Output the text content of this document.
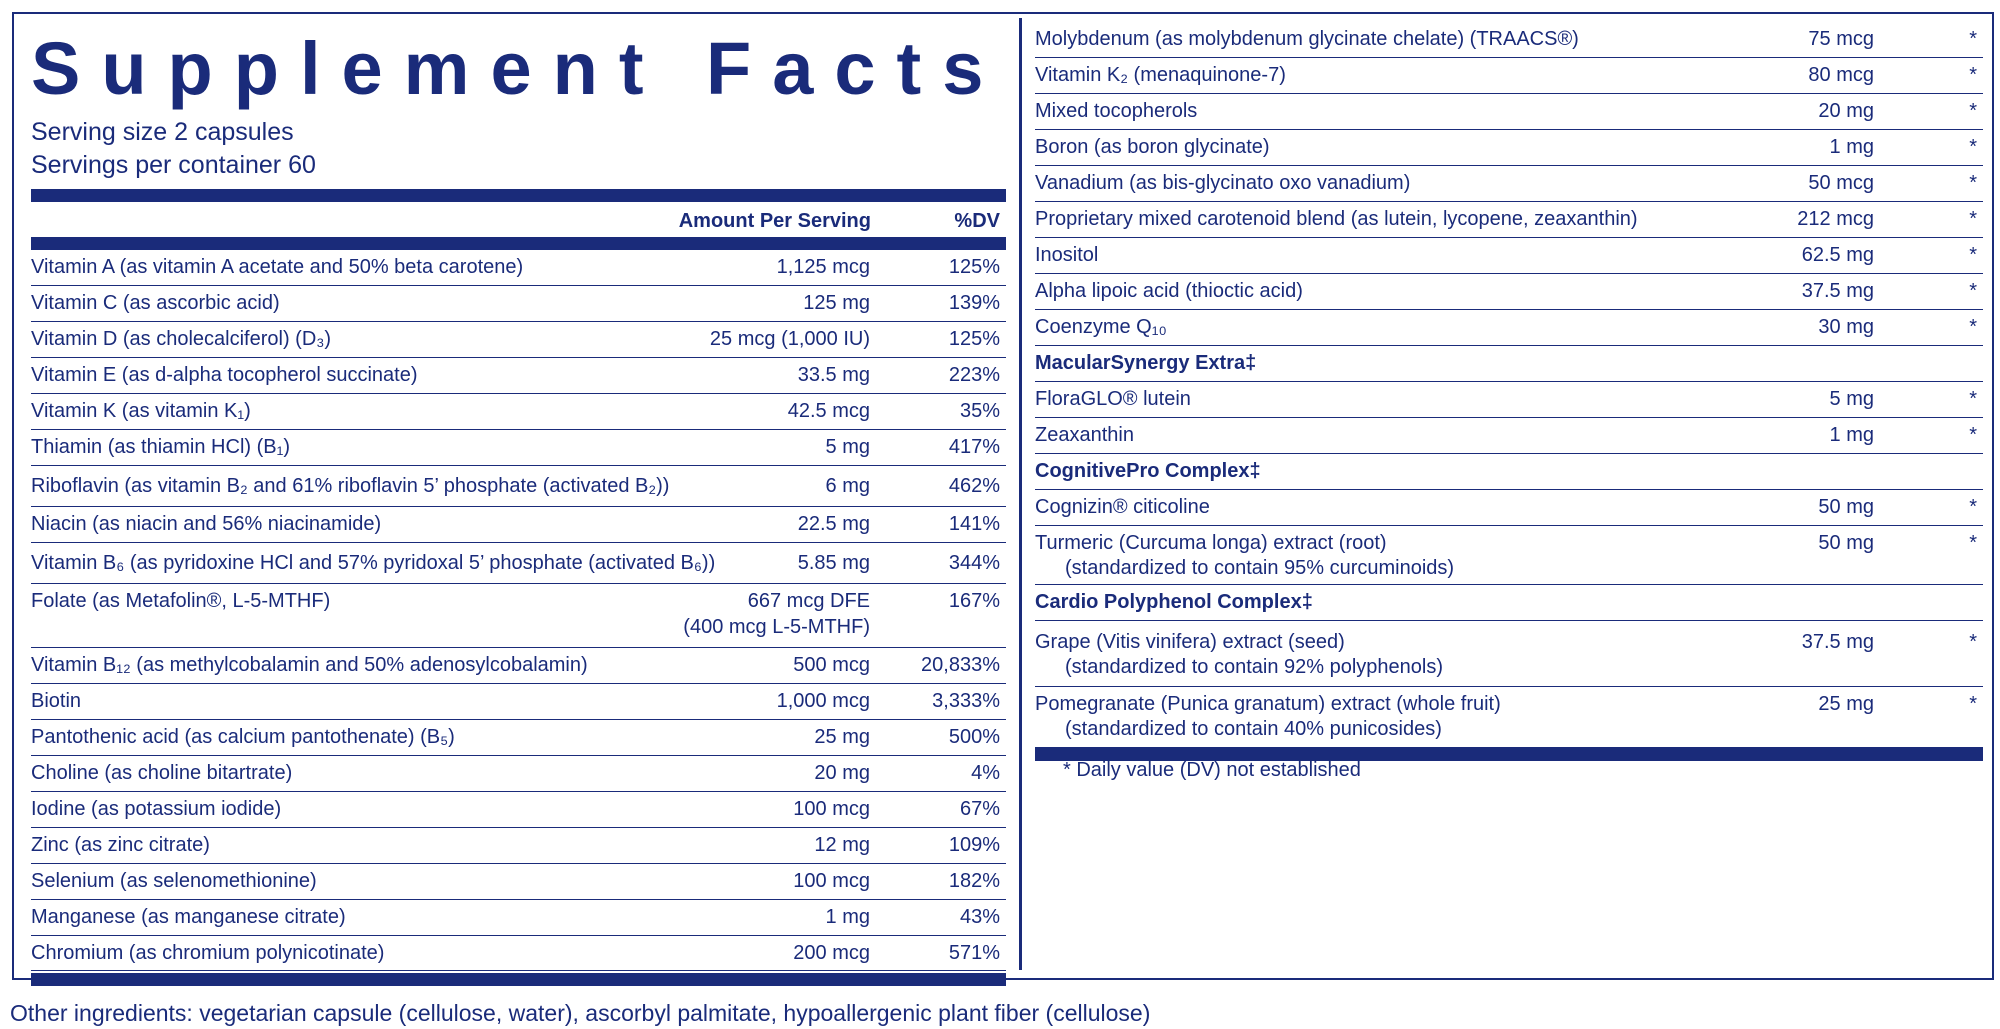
Supplement Facts
Serving size 2 capsules
Servings per container 60
Amount Per Serving	%DV
Vitamin A (as vitamin A acetate and 50% beta carotene)	1,125 mcg	125%
Vitamin C (as ascorbic acid)	125 mg	139%
Vitamin D (as cholecalciferol) (D₃)	25 mcg (1,000 IU)	125%
Vitamin E (as d-alpha tocopherol succinate)	33.5 mg	223%
Vitamin K (as vitamin K₁)	42.5 mcg	35%
Thiamin (as thiamin HCl) (B₁)	5 mg	417%
Riboflavin (as vitamin B₂ and 61% riboflavin 5’ phosphate (activated B₂))	6 mg	462%
Niacin (as niacin and 56% niacinamide)	22.5 mg	141%
Vitamin B₆ (as pyridoxine HCl and 57% pyridoxal 5’ phosphate (activated B₆))	5.85 mg	344%
Folate (as Metafolin®, L-5-MTHF)	667 mcg DFE	167%
(400 mcg L-5-MTHF)
Vitamin B₁₂ (as methylcobalamin and 50% adenosylcobalamin)	500 mcg	20,833%
Biotin	1,000 mcg	3,333%
Pantothenic acid (as calcium pantothenate) (B₅)	25 mg	500%
Choline (as choline bitartrate)	20 mg	4%
Iodine (as potassium iodide)	100 mcg	67%
Zinc (as zinc citrate)	12 mg	109%
Selenium (as selenomethionine)	100 mcg	182%
Manganese (as manganese citrate)	1 mg	43%
Chromium (as chromium polynicotinate)	200 mcg	571%
Molybdenum (as molybdenum glycinate chelate) (TRAACS®)	75 mcg	*
Vitamin K₂ (menaquinone-7)	80 mcg	*
Mixed tocopherols	20 mg	*
Boron (as boron glycinate)	1 mg	*
Vanadium (as bis-glycinato oxo vanadium)	50 mcg	*
Proprietary mixed carotenoid blend (as lutein, lycopene, zeaxanthin)	212 mcg	*
Inositol	62.5 mg	*
Alpha lipoic acid (thioctic acid)	37.5 mg	*
Coenzyme Q₁₀	30 mg	*
MacularSynergy Extra‡
FloraGLO® lutein	5 mg	*
Zeaxanthin	1 mg	*
CognitivePro Complex‡
Cognizin® citicoline	50 mg	*
Turmeric (Curcuma longa) extract (root)	50 mg	*
(standardized to contain 95% curcuminoids)
Cardio Polyphenol Complex‡
Grape (Vitis vinifera) extract (seed)	37.5 mg	*
(standardized to contain 92% polyphenols)
Pomegranate (Punica granatum) extract (whole fruit)	25 mg	*
(standardized to contain 40% punicosides)
* Daily value (DV) not established
Other ingredients: vegetarian capsule (cellulose, water), ascorbyl palmitate, hypoallergenic plant fiber (cellulose)
